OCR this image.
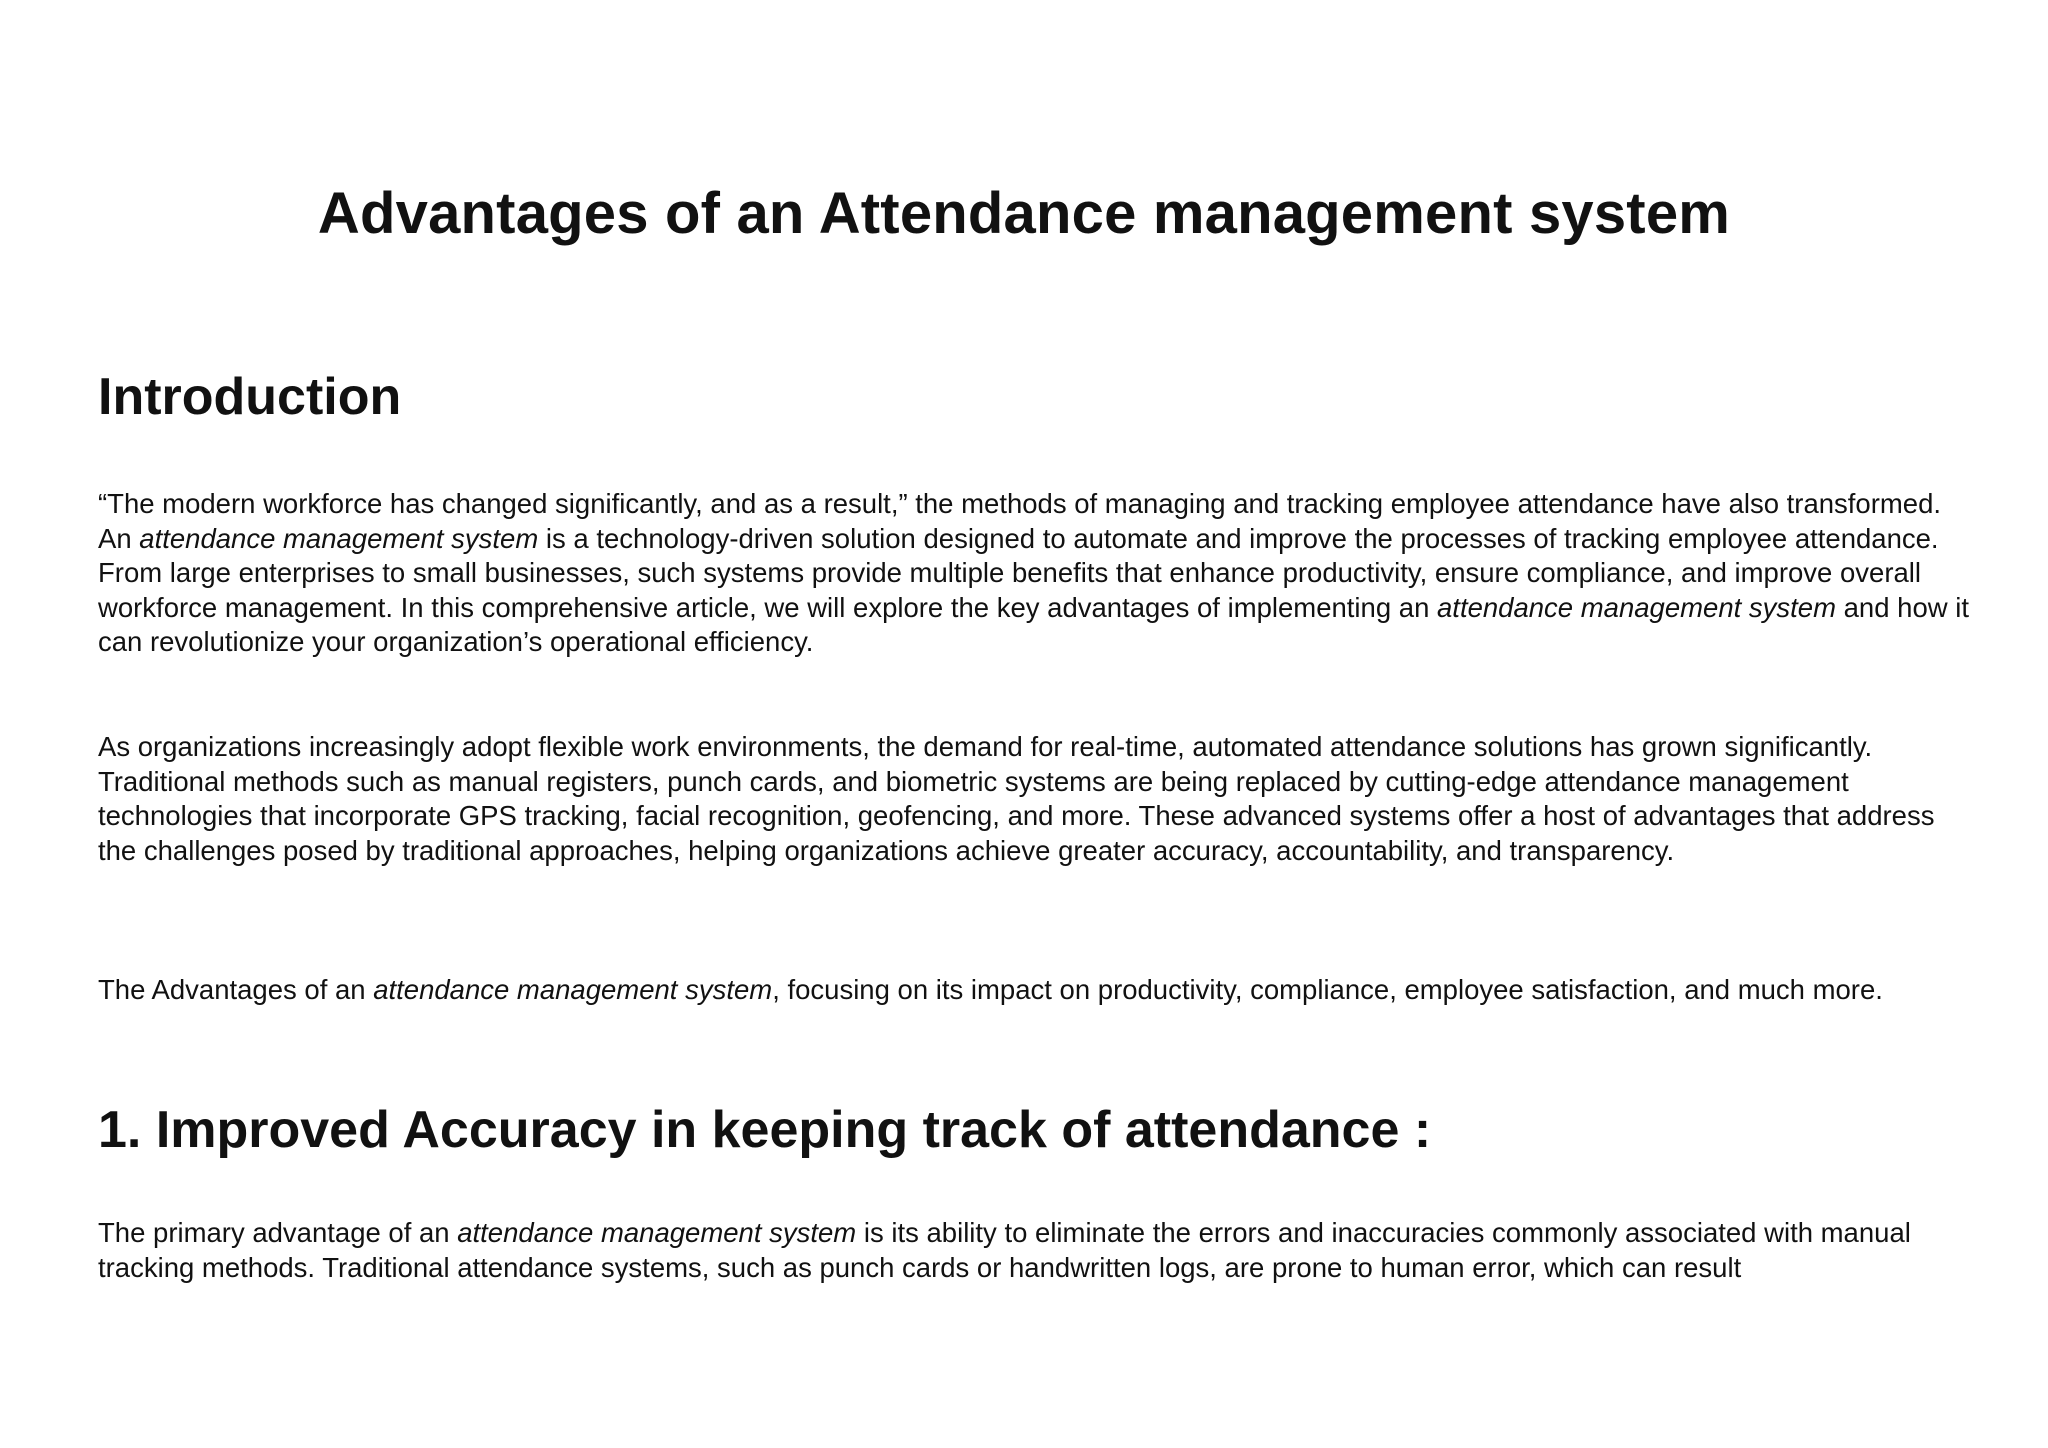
Advantages of an Attendance management system
Introduction

“The modern workforce has changed significantly, and as a result,” the methods of managing and tracking employee attendance have also transformed. An attendance management system is a technology-driven solution designed to automate and improve the processes of tracking employee attendance. From large enterprises to small businesses, such systems provide multiple benefits that enhance productivity, ensure compliance, and improve overall workforce management. In this comprehensive article, we will explore the key advantages of implementing an attendance management system and how it can revolutionize your organization’s operational efficiency.

As organizations increasingly adopt flexible work environments, the demand for real-time, automated attendance solutions has grown significantly. Traditional methods such as manual registers, punch cards, and biometric systems are being replaced by cutting-edge attendance management technologies that incorporate GPS tracking, facial recognition, geofencing, and more. These advanced systems offer a host of advantages that address the challenges posed by traditional approaches, helping organizations achieve greater accuracy, accountability, and transparency.

The Advantages of an attendance management system, focusing on its impact on productivity, compliance, employee satisfaction, and much more.

1. Improved Accuracy in keeping track of attendance :

The primary advantage of an attendance management system is its ability to eliminate the errors and inaccuracies commonly associated with manual tracking methods. Traditional attendance systems, such as punch cards or handwritten logs, are prone to human error, which can result
